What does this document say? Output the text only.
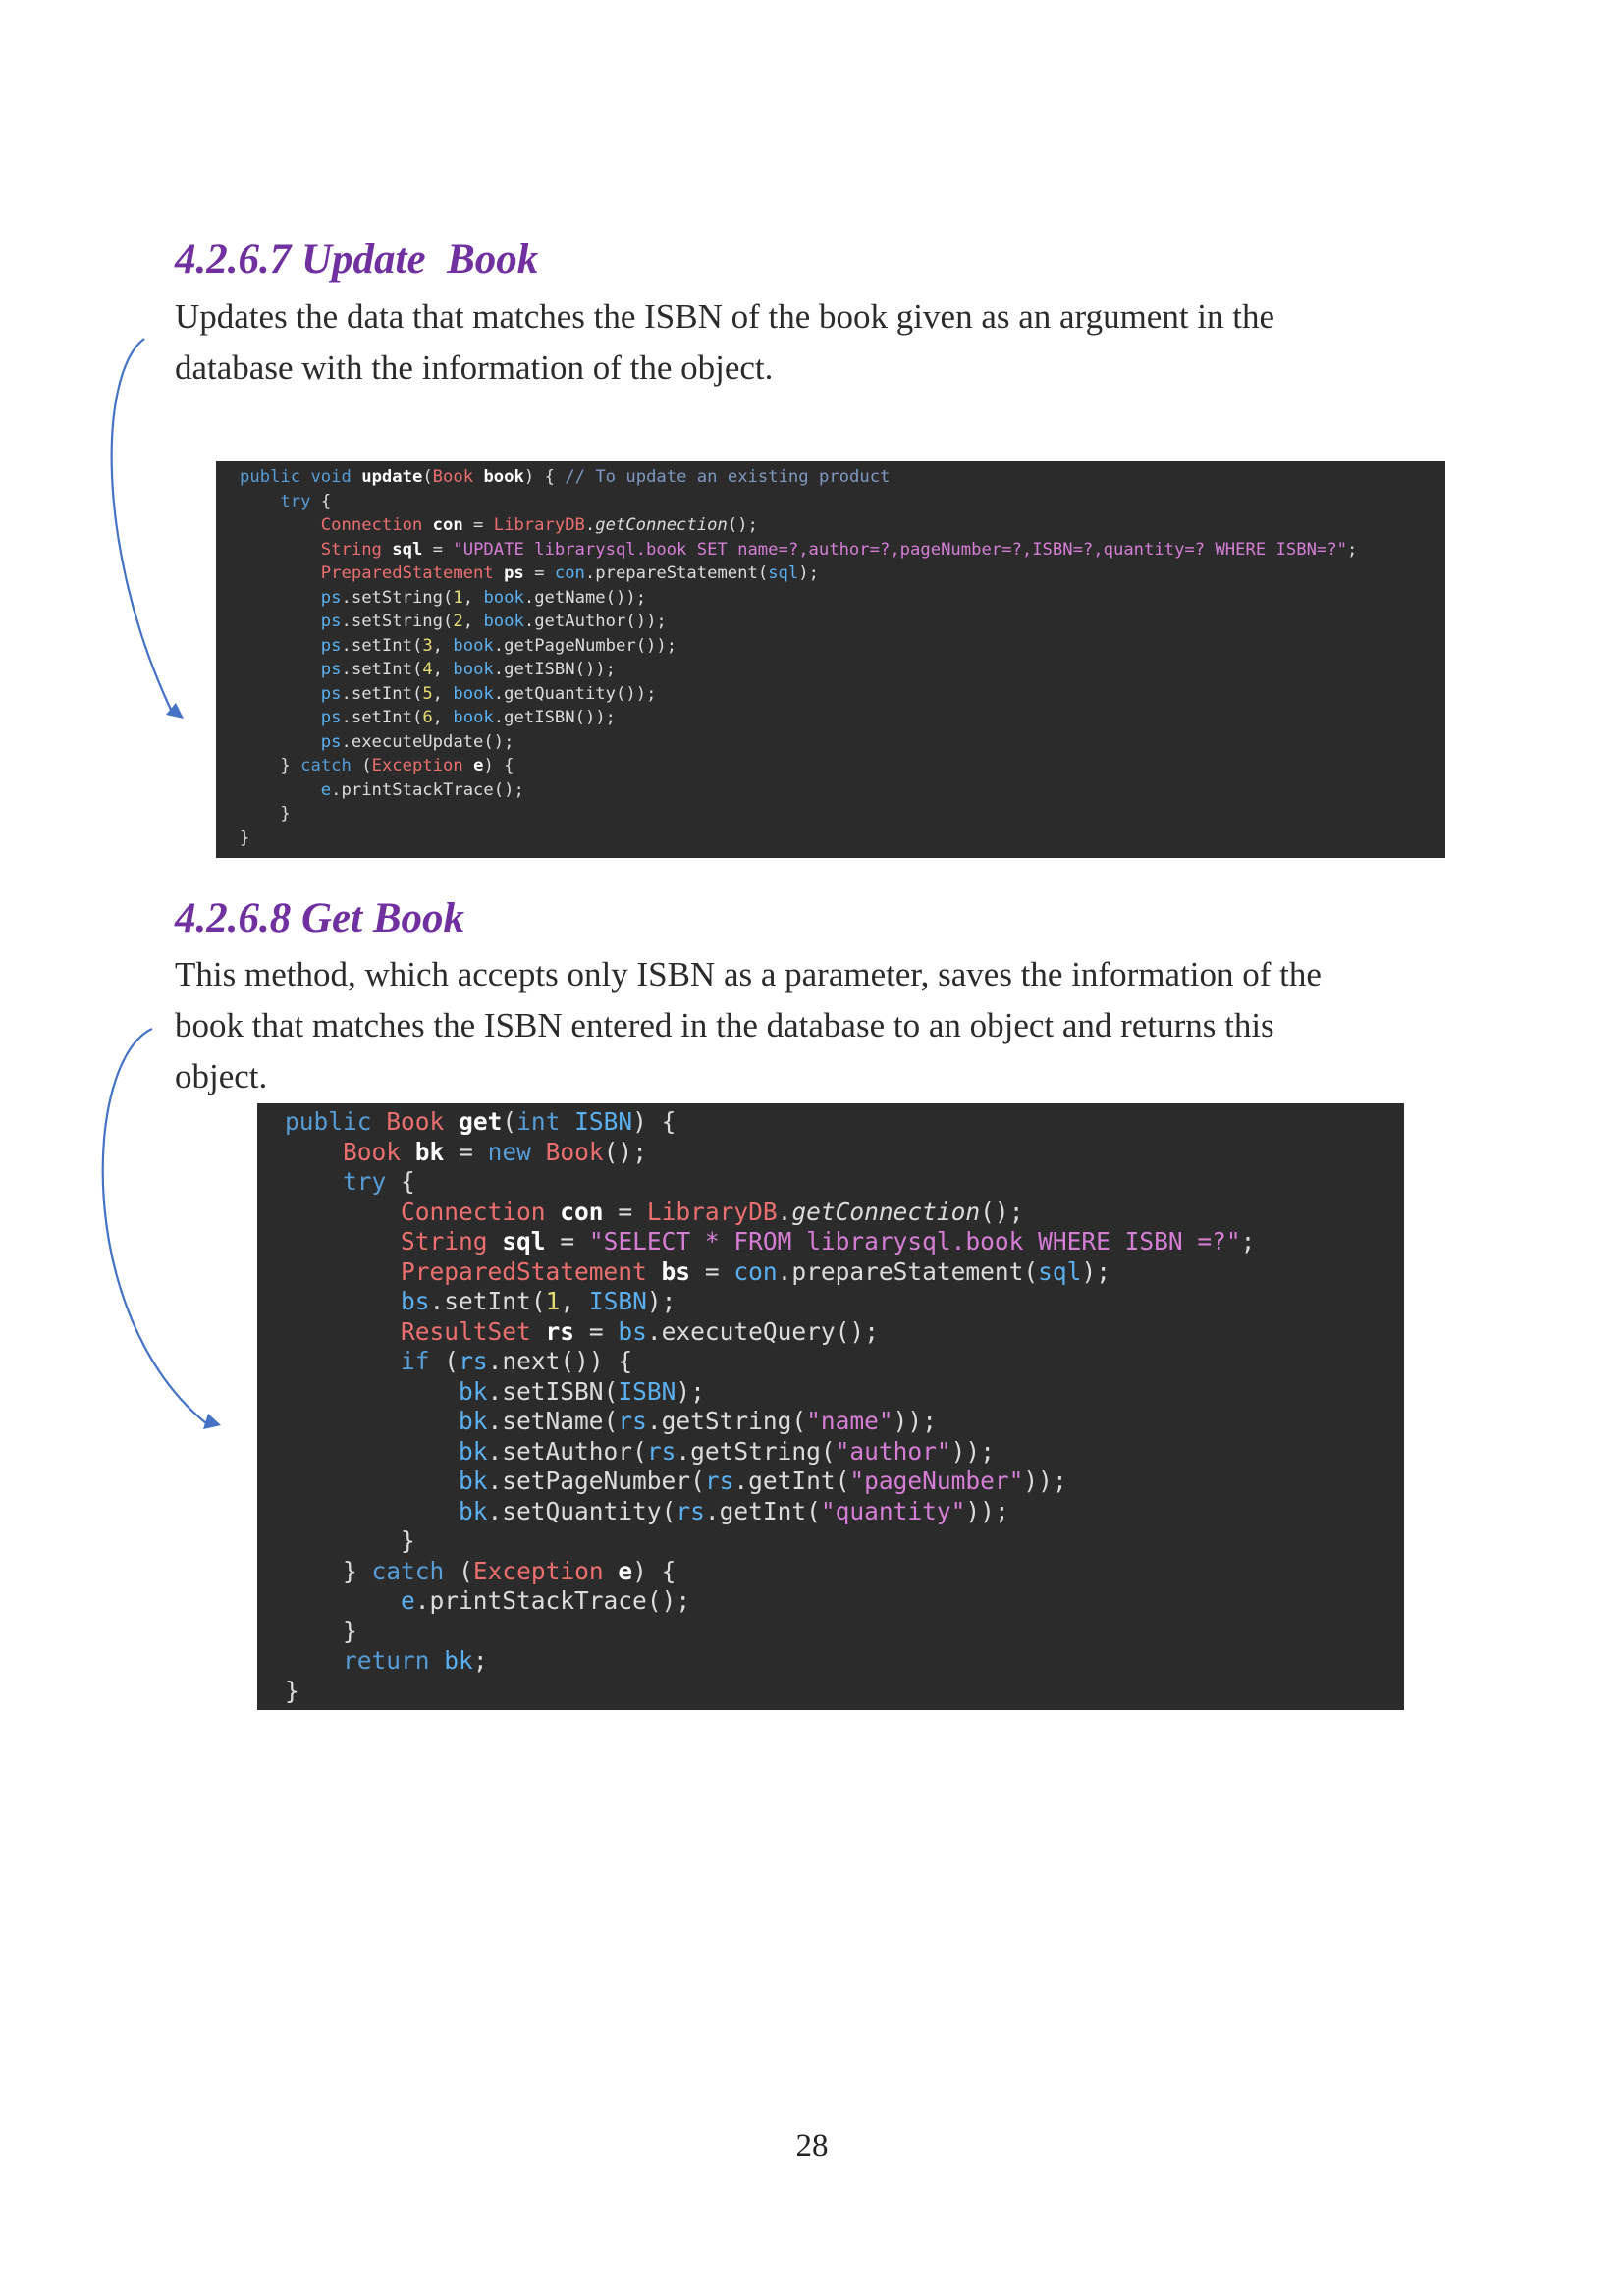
4.2.6.7 Update  Book

Updates the data that matches the ISBN of the book given as an argument in the
database with the information of the object.

public void update(Book book) { // To update an existing product
try {
Connection con = LibraryDB.getConnection();
String sql = "UPDATE librarysql.book SET name=?,author=?,pageNumber=?,ISBN=?,quantity=? WHERE ISBN=?";
PreparedStatement ps = con.prepareStatement(sql);
ps.setString(1, book.getName());
ps.setString(2, book.getAuthor());
ps.setInt(3, book.getPageNumber());
ps.setInt(4, book.getISBN());
ps.setInt(5, book.getQuantity());
ps.setInt(6, book.getISBN());
ps.executeUpdate();
} catch (Exception e) {
e.printStackTrace();
}
}
4.2.6.8 Get Book

This method, which accepts only ISBN as a parameter, saves the information of the
book that matches the ISBN entered in the database to an object and returns this
object.

public Book get(int ISBN) {
Book bk = new Book();
try {
Connection con = LibraryDB.getConnection();
String sql = "SELECT * FROM librarysql.book WHERE ISBN =?";
PreparedStatement bs = con.prepareStatement(sql);
bs.setInt(1, ISBN);
ResultSet rs = bs.executeQuery();
if (rs.next()) {
bk.setISBN(ISBN);
bk.setName(rs.getString("name"));
bk.setAuthor(rs.getString("author"));
bk.setPageNumber(rs.getInt("pageNumber"));
bk.setQuantity(rs.getInt("quantity"));
}
} catch (Exception e) {
e.printStackTrace();
}
return bk;
}
28
